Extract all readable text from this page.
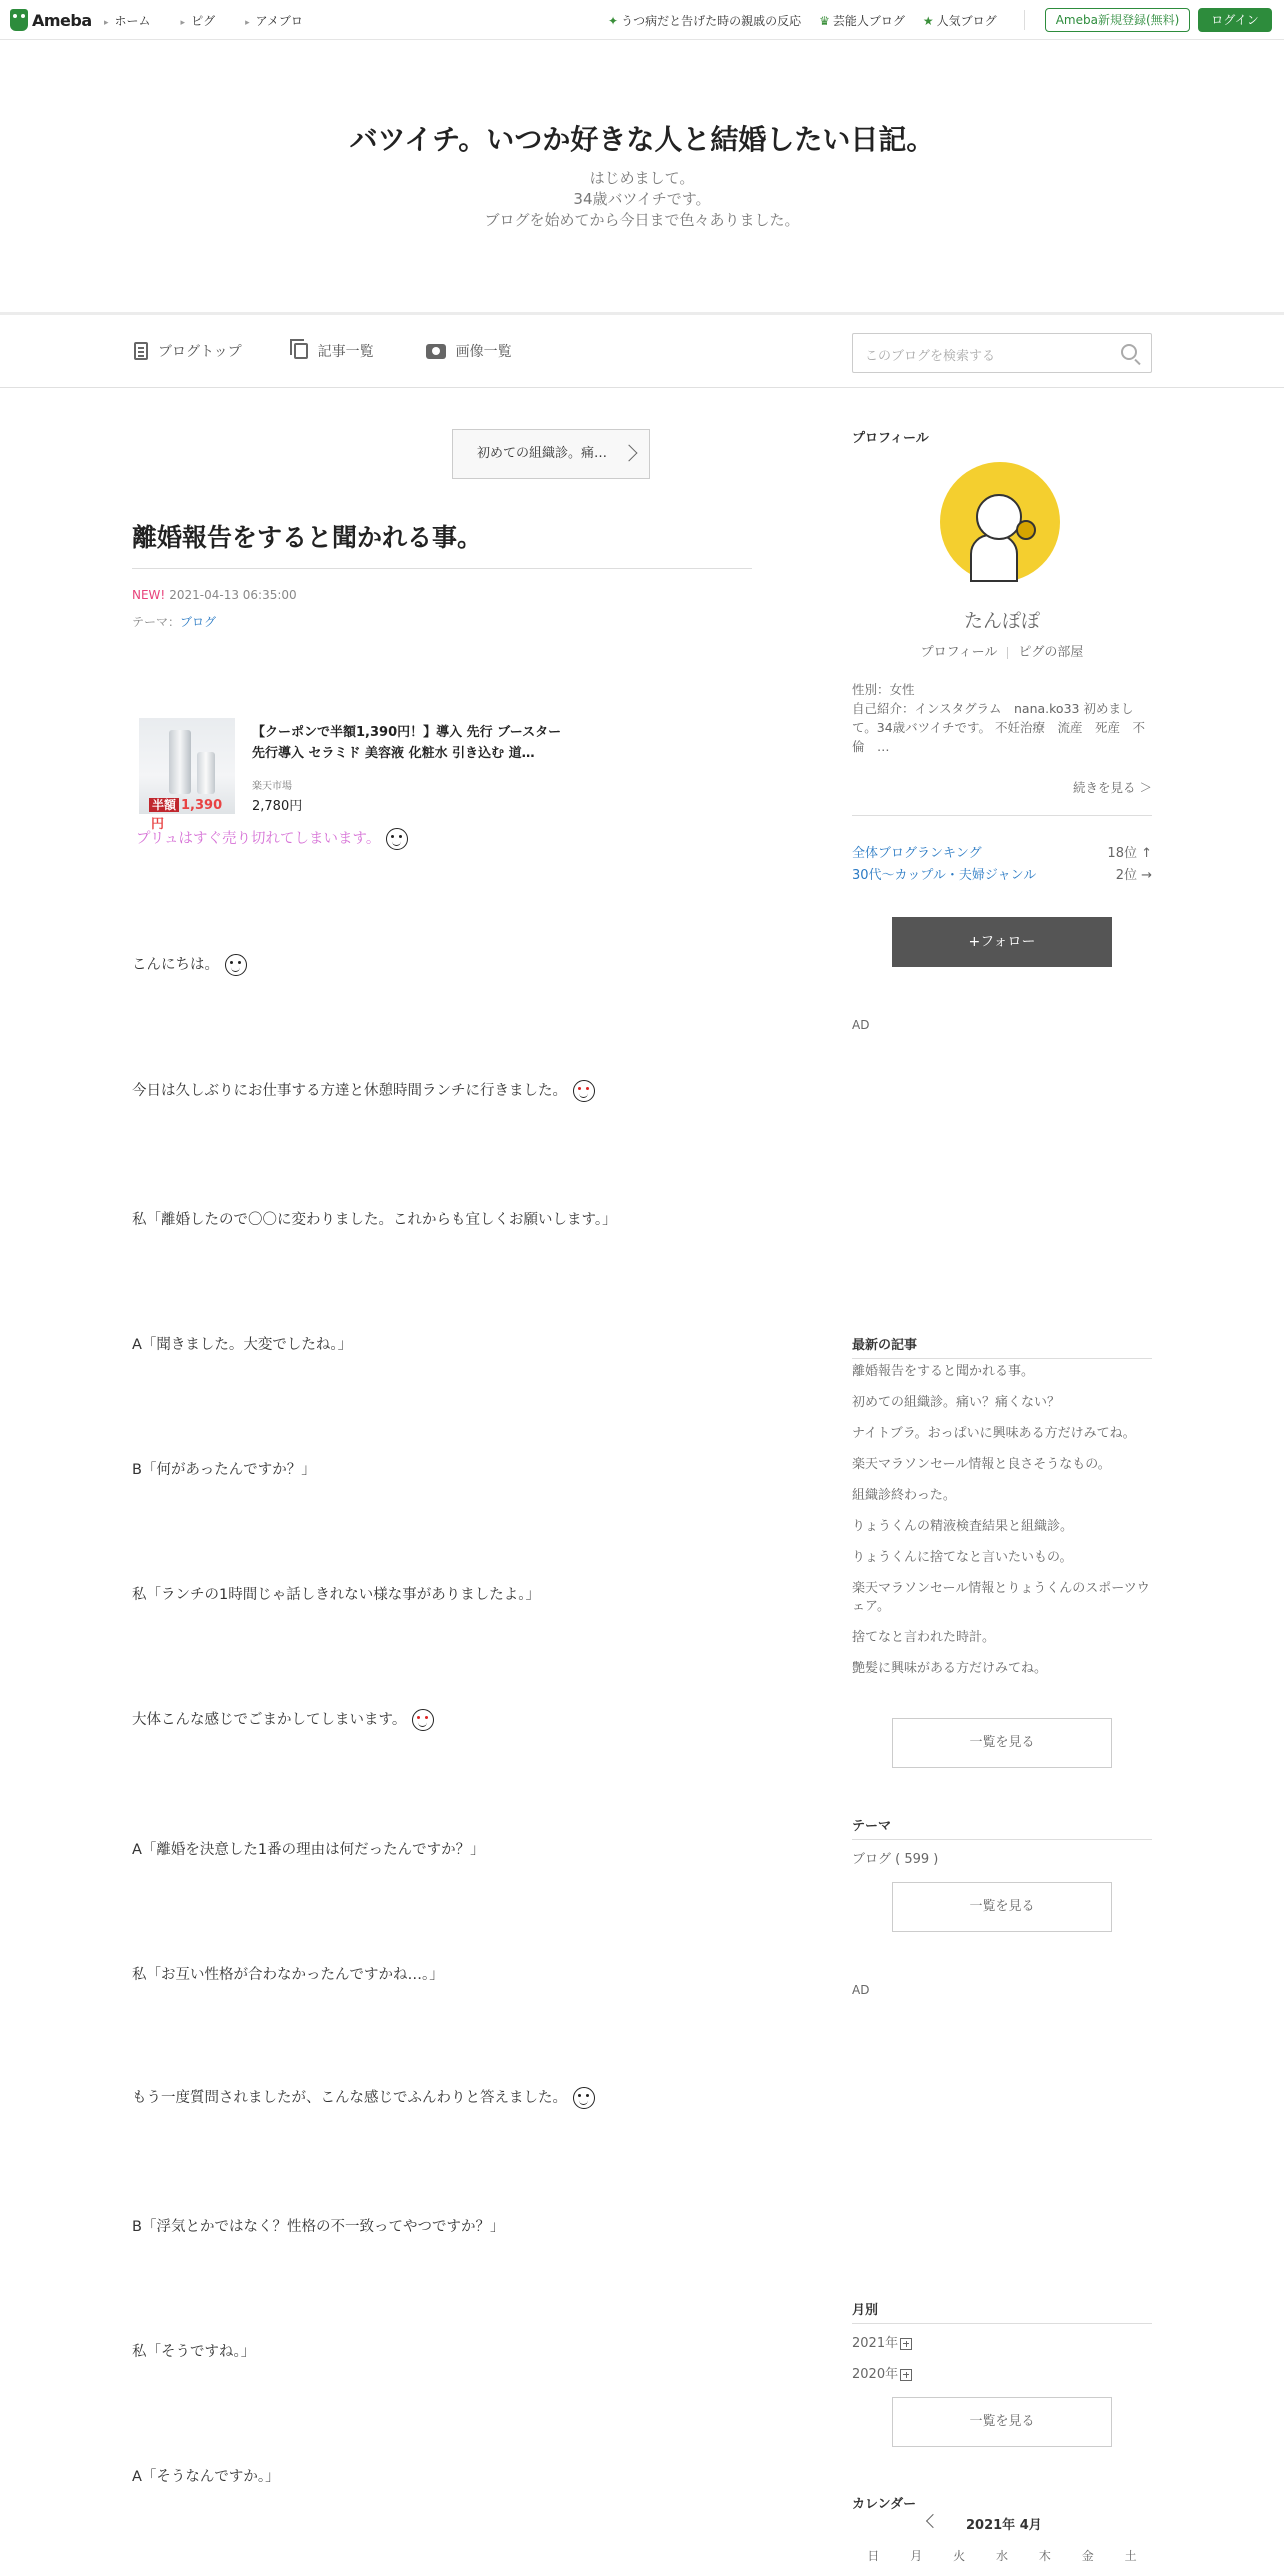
Ameba	▸ ホーム	▸ ピグ	▸ アメブロ	✦ うつ病だと告げた時の親戚の反応 ♛ 芸能人ブログ ★ 人気ブログ	Ameba新規登録(無料)	ログイン
バツイチ。いつか好きな人と結婚したい日記。
はじめまして。
34歳バツイチです。
ブログを始めてから今日まで色々ありました。
ブログトップ	記事一覧	画像一覧	このブログを検索する
初めての組織診。痛…
離婚報告をすると聞かれる事。
NEW! 2021-04-13 06:35:00
テーマ：ブログ
半額 1,390円
【クーポンで半額1,390円！】導入 先行 ブースター 先行導入 セラミド 美容液 化粧水 引き込む 道…
楽天市場
2,780円
プリュはすぐ売り切れてしまいます。
こんにちは。
今日は久しぶりにお仕事する方達と休憩時間ランチに行きました。
私「離婚したので〇〇に変わりました。これからも宜しくお願いします。」
A「聞きました。大変でしたね。」
B「何があったんですか？」
私「ランチの1時間じゃ話しきれない様な事がありましたよ。」
大体こんな感じでごまかしてしまいます。
A「離婚を決意した1番の理由は何だったんですか？」
私「お互い性格が合わなかったんですかね…。」
もう一度質問されましたが、こんな感じでふんわりと答えました。
B「浮気とかではなく？性格の不一致ってやつですか？」
私「そうですね。」
A「そうなんですか。」
プロフィール
たんぽぽ
プロフィール ピグの部屋
性別：女性
自己紹介：インスタグラム　nana.ko33 初めまして。34歳バツイチです。 不妊治療　流産　死産　不倫　…
続きを見る ＞
全体ブログランキング	18位 ↑
30代〜カップル・夫婦ジャンル	2位 →
+フォロー
AD
最新の記事
離婚報告をすると聞かれる事。
初めての組織診。痛い？痛くない？
ナイトブラ。おっぱいに興味ある方だけみてね。
楽天マラソンセール情報と良さそうなもの。
組織診終わった。
りょうくんの精液検査結果と組織診。
りょうくんに捨てなと言いたいもの。
楽天マラソンセール情報とりょうくんのスポーツウェア。
捨てなと言われた時計。
艶髪に興味がある方だけみてね。
一覧を見る
テーマ
ブログ ( 599 )
一覧を見る
AD
月別
2021年
2020年
一覧を見る
カレンダー
2021年 4月
日	月	火	水	木	金	土
